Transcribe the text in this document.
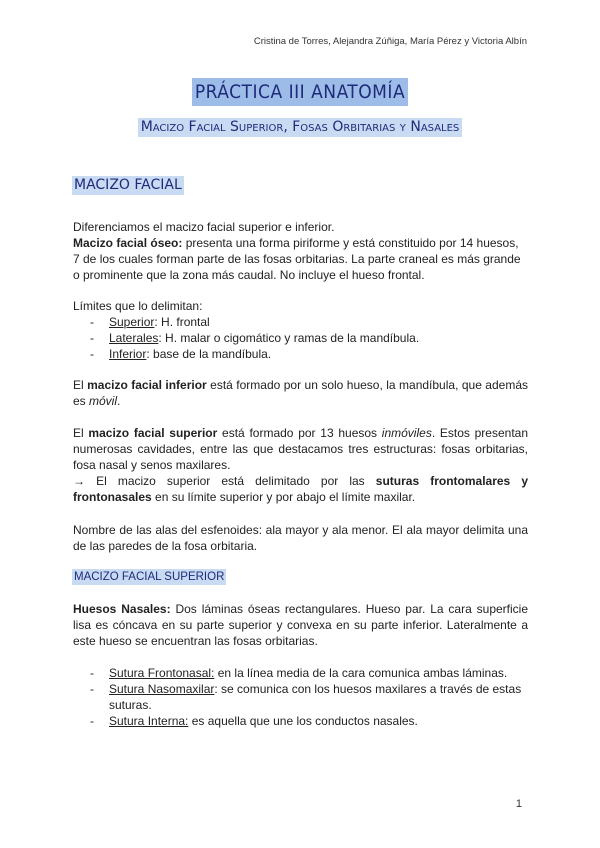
Cristina de Torres, Alejandra Zúñiga, María Pérez y Victoria Albín
PRÁCTICA III ANATOMÍA
Macizo Facial Superior, Fosas Orbitarias y Nasales
MACIZO FACIAL
Diferenciamos el macizo facial superior e inferior.
Macizo facial óseo: presenta una forma piriforme y está constituido por 14 huesos, 7 de los cuales forman parte de las fosas orbitarias. La parte craneal es más grande o prominente que la zona más caudal. No incluye el hueso frontal.
Límites que lo delimitan:
- Superior: H. frontal
- Laterales: H. malar o cigomático y ramas de la mandíbula.
- Inferior: base de la mandíbula.
El macizo facial inferior está formado por un solo hueso, la mandíbula, que además es móvil.
El macizo facial superior está formado por 13 huesos inmóviles. Estos presentan numerosas cavidades, entre las que destacamos tres estructuras: fosas orbitarias, fosa nasal y senos maxilares.
→ El macizo superior está delimitado por las suturas frontomalares y frontonasales en su límite superior y por abajo el límite maxilar.
Nombre de las alas del esfenoides: ala mayor y ala menor. El ala mayor delimita una de las paredes de la fosa orbitaria.
MACIZO FACIAL SUPERIOR
Huesos Nasales: Dos láminas óseas rectangulares. Hueso par. La cara superficie lisa es cóncava en su parte superior y convexa en su parte inferior. Lateralmente a este hueso se encuentran las fosas orbitarias.
-	Sutura Frontonasal: en la línea media de la cara comunica ambas láminas.
-	Sutura Nasomaxilar: se comunica con los huesos maxilares a través de estas suturas.
-	Sutura Interna: es aquella que une los conductos nasales.
1
